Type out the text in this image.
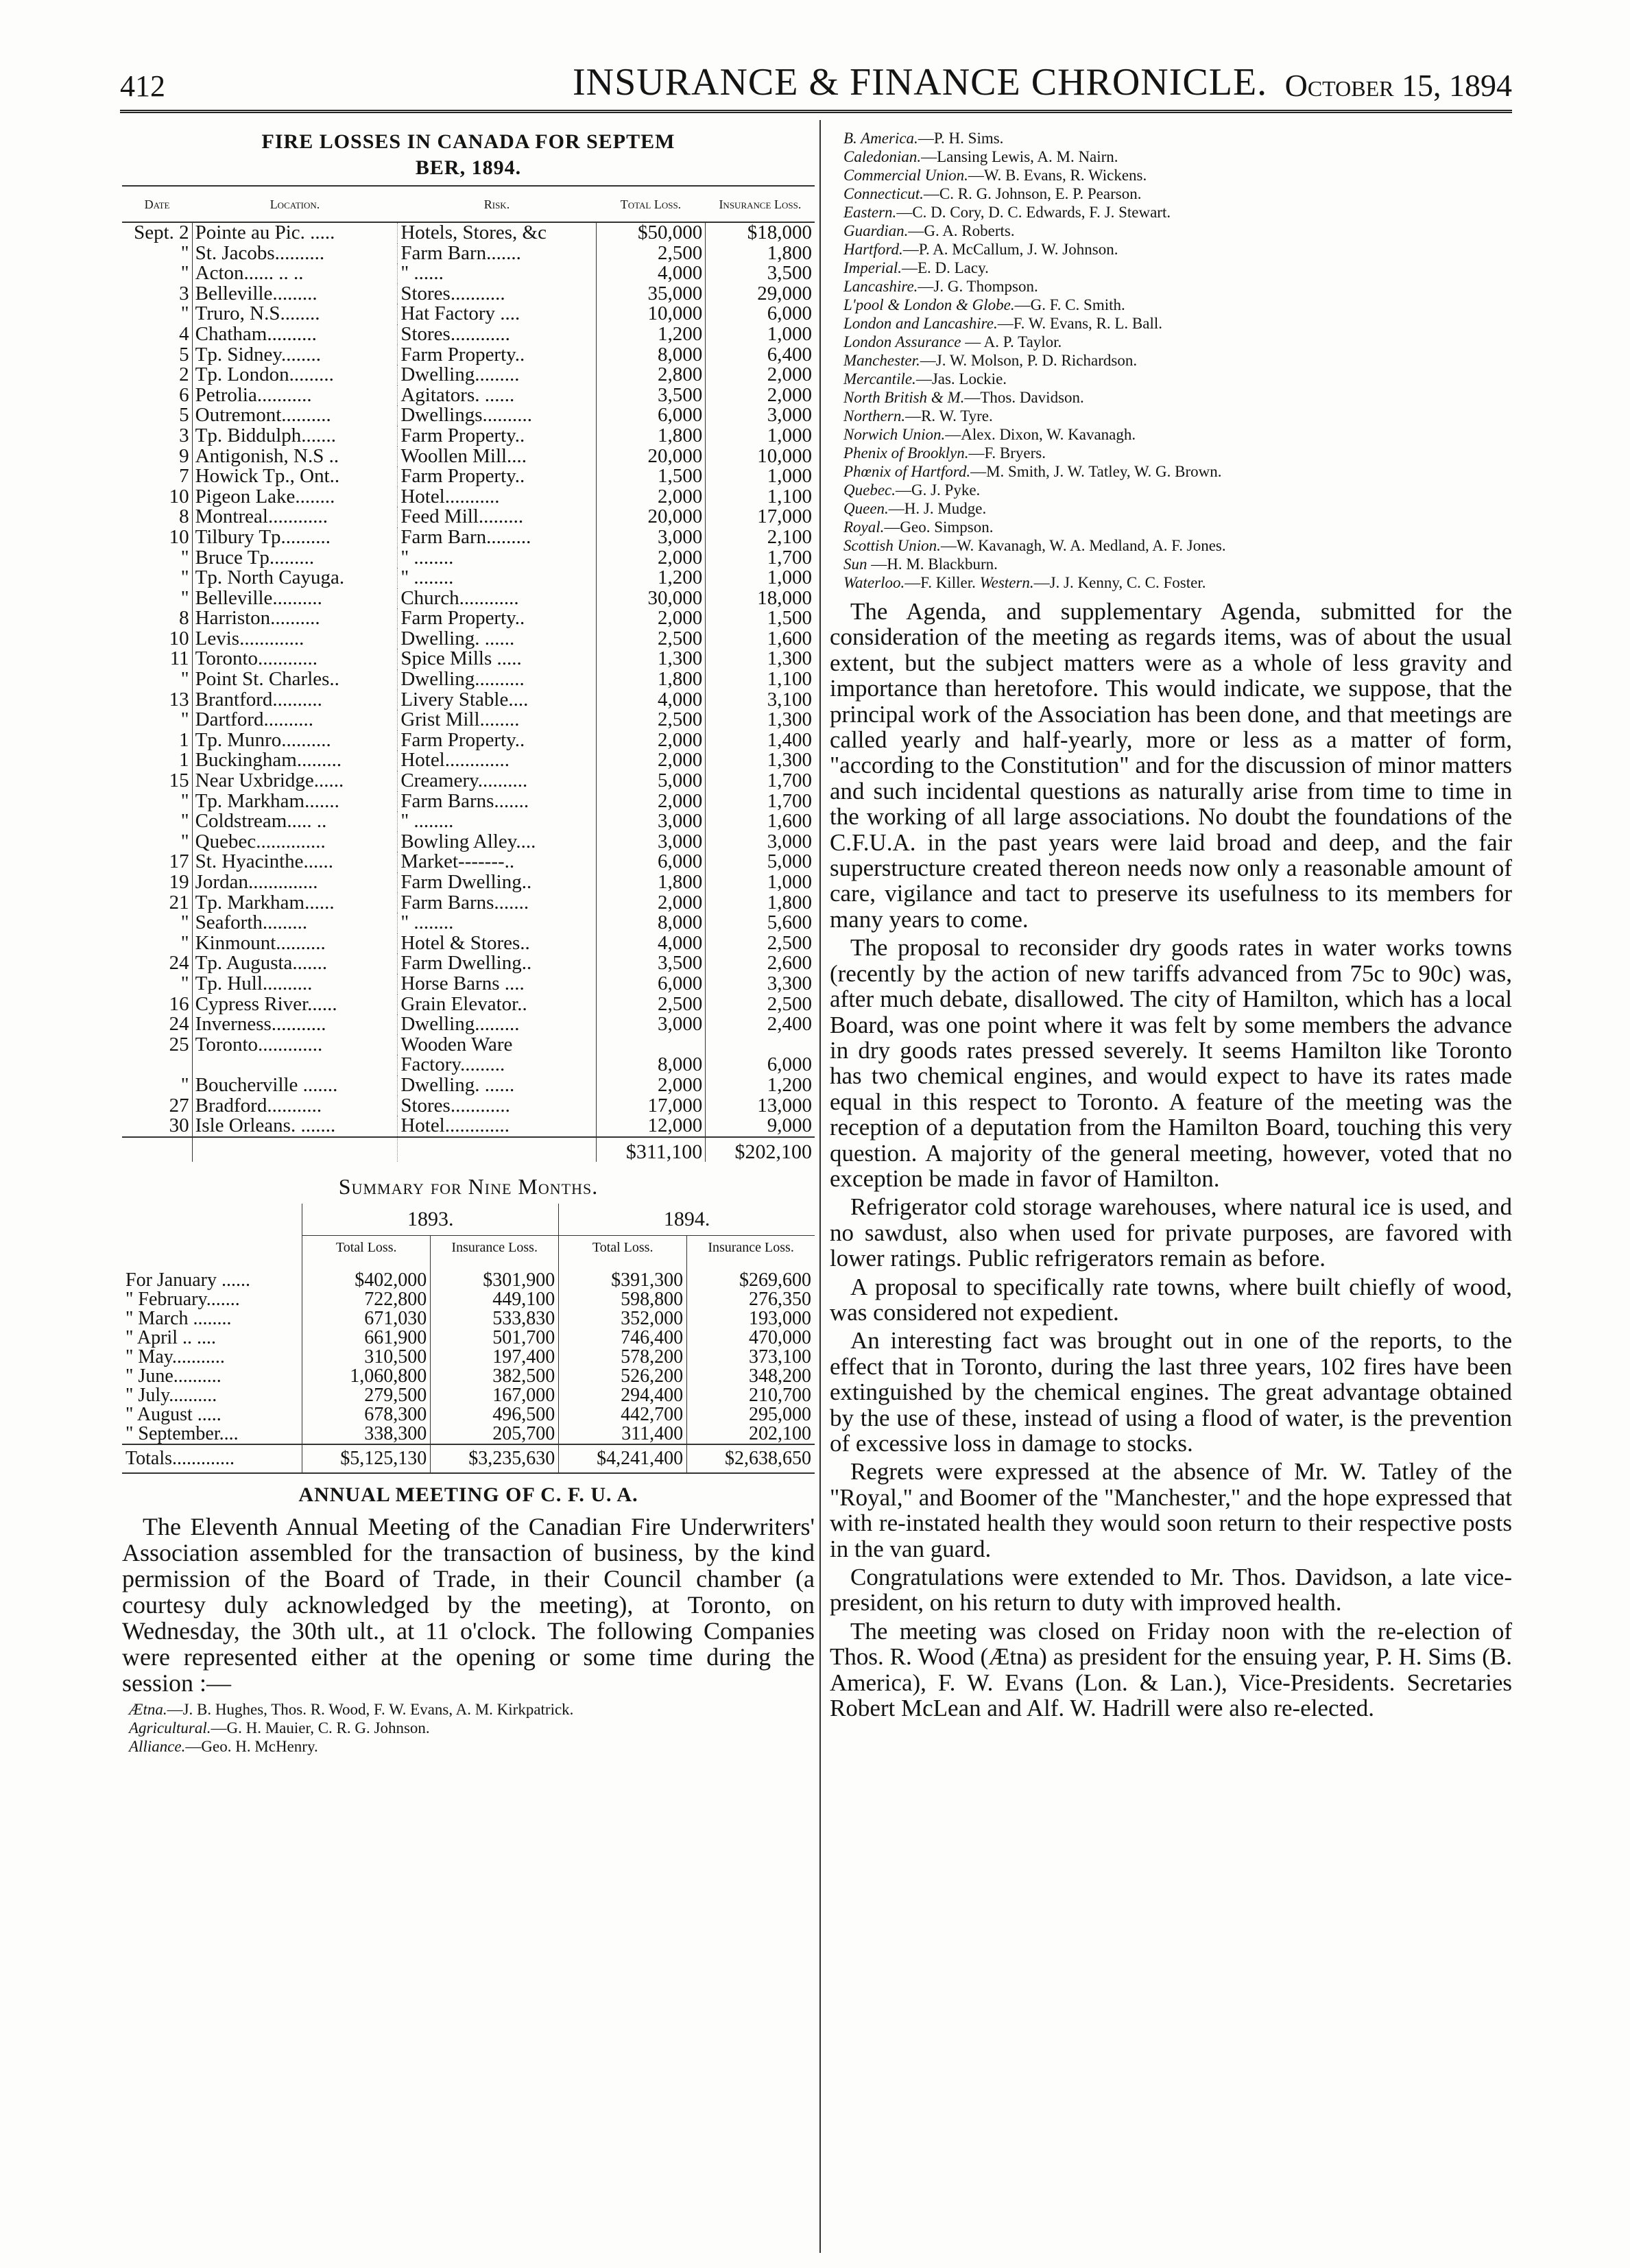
412	INSURANCE & FINANCE CHRONICLE. October 15, 1894
FIRE LOSSES IN CANADA FOR SEPTEM
BER, 1894.
Date	Location.	Risk.	Total Loss.	Insurance Loss.
Sept. 2	Pointe au Pic. .....	Hotels, Stores, &c	$50,000	$18,000
"	St. Jacobs..........	Farm Barn.......	2,500	1,800
"	Acton...... .. ..	" ......	4,000	3,500
3	Belleville.........	Stores...........	35,000	29,000
"	Truro, N.S........	Hat Factory ....	10,000	6,000
4	Chatham..........	Stores............	1,200	1,000
5	Tp. Sidney........	Farm Property..	8,000	6,400
2	Tp. London.........	Dwelling.........	2,800	2,000
6	Petrolia...........	Agitators. ......	3,500	2,000
5	Outremont..........	Dwellings..........	6,000	3,000
3	Tp. Biddulph.......	Farm Property..	1,800	1,000
9	Antigonish, N.S ..	Woollen Mill....	20,000	10,000
7	Howick Tp., Ont..	Farm Property..	1,500	1,000
10	Pigeon Lake........	Hotel...........	2,000	1,100
8	Montreal............	Feed Mill.........	20,000	17,000
10	Tilbury Tp..........	Farm Barn.........	3,000	2,100
"	Bruce Tp.........	" ........	2,000	1,700
"	Tp. North Cayuga.	" ........	1,200	1,000
"	Belleville..........	Church............	30,000	18,000
8	Harriston..........	Farm Property..	2,000	1,500
10	Levis.............	Dwelling. ......	2,500	1,600
11	Toronto............	Spice Mills .....	1,300	1,300
"	Point St. Charles..	Dwelling..........	1,800	1,100
13	Brantford..........	Livery Stable....	4,000	3,100
"	Dartford..........	Grist Mill........	2,500	1,300
1	Tp. Munro..........	Farm Property..	2,000	1,400
1	Buckingham.........	Hotel.............	2,000	1,300
15	Near Uxbridge......	Creamery..........	5,000	1,700
"	Tp. Markham.......	Farm Barns.......	2,000	1,700
"	Coldstream..... ..	" ........	3,000	1,600
"	Quebec..............	Bowling Alley....	3,000	3,000
17	St. Hyacinthe......	Market-------..	6,000	5,000
19	Jordan..............	Farm Dwelling..	1,800	1,000
21	Tp. Markham......	Farm Barns.......	2,000	1,800
"	Seaforth.........	" ........	8,000	5,600
"	Kinmount..........	Hotel & Stores..	4,000	2,500
24	Tp. Augusta.......	Farm Dwelling..	3,500	2,600
"	Tp. Hull..........	Horse Barns ....	6,000	3,300
16	Cypress River......	Grain Elevator..	2,500	2,500
24	Inverness...........	Dwelling.........	3,000	2,400
25	Toronto.............	Wooden Ware		
		Factory.........	8,000	6,000
"	Boucherville .......	Dwelling. ......	2,000	1,200
27	Bradford...........	Stores............	17,000	13,000
30	Isle Orleans. .......	Hotel.............	12,000	9,000
			$311,100	$202,100
Summary for Nine Months.
	1893.		1894.	
	Total Loss.	Insurance Loss.	Total Loss.	Insurance Loss.

For January ......	$402,000	$301,900	$391,300	$269,600
" February.......	722,800	449,100	598,800	276,350
" March ........	671,030	533,830	352,000	193,000
" April .. ....	661,900	501,700	746,400	470,000
" May...........	310,500	197,400	578,200	373,100
" June..........	1,060,800	382,500	526,200	348,200
" July..........	279,500	167,000	294,400	210,700
" August .....	678,300	496,500	442,700	295,000
" September....	338,300	205,700	311,400	202,100
Totals.............	$5,125,130	$3,235,630	$4,241,400	$2,638,650
ANNUAL MEETING OF C. F. U. A.

The Eleventh Annual Meeting of the Canadian Fire Underwriters' Association assembled for the transaction of business, by the kind permission of the Board of Trade, in their Council chamber (a courtesy duly acknowledged by the meeting), at Toronto, on Wednesday, the 30th ult., at 11 o'clock. The following Companies were represented either at the opening or some time during the session :—

Ætna.—J. B. Hughes, Thos. R. Wood, F. W. Evans, A. M. Kirkpatrick.

Agricultural.—G. H. Mauier, C. R. G. Johnson.

Alliance.—Geo. H. McHenry.

B. America.—P. H. Sims.

Caledonian.—Lansing Lewis, A. M. Nairn.

Commercial Union.—W. B. Evans, R. Wickens.

Connecticut.—C. R. G. Johnson, E. P. Pearson.

Eastern.—C. D. Cory, D. C. Edwards, F. J. Stewart.

Guardian.—G. A. Roberts.

Hartford.—P. A. McCallum, J. W. Johnson.

Imperial.—E. D. Lacy.

Lancashire.—J. G. Thompson.

L'pool & London & Globe.—G. F. C. Smith.

London and Lancashire.—F. W. Evans, R. L. Ball.

London Assurance — A. P. Taylor.

Manchester.—J. W. Molson, P. D. Richardson.

Mercantile.—Jas. Lockie.

North British & M.—Thos. Davidson.

Northern.—R. W. Tyre.

Norwich Union.—Alex. Dixon, W. Kavanagh.

Phenix of Brooklyn.—F. Bryers.

Phœnix of Hartford.—M. Smith, J. W. Tatley, W. G. Brown.

Quebec.—G. J. Pyke.

Queen.—H. J. Mudge.

Royal.—Geo. Simpson.

Scottish Union.—W. Kavanagh, W. A. Medland, A. F. Jones.

Sun —H. M. Blackburn.

Waterloo.—F. Killer. Western.—J. J. Kenny, C. C. Foster.

The Agenda, and supplementary Agenda, submitted for the consideration of the meeting as regards items, was of about the usual extent, but the subject matters were as a whole of less gravity and importance than heretofore. This would indicate, we suppose, that the principal work of the Association has been done, and that meetings are called yearly and half-yearly, more or less as a matter of form, "according to the Constitution" and for the discussion of minor matters and such incidental questions as naturally arise from time to time in the working of all large associations. No doubt the foundations of the C.F.U.A. in the past years were laid broad and deep, and the fair superstructure created thereon needs now only a reasonable amount of care, vigilance and tact to preserve its usefulness to its members for many years to come.

The proposal to reconsider dry goods rates in water works towns (recently by the action of new tariffs advanced from 75c to 90c) was, after much debate, disallowed. The city of Hamilton, which has a local Board, was one point where it was felt by some members the advance in dry goods rates pressed severely. It seems Hamilton like Toronto has two chemical engines, and would expect to have its rates made equal in this respect to Toronto. A feature of the meeting was the reception of a deputation from the Hamilton Board, touching this very question. A majority of the general meeting, however, voted that no exception be made in favor of Hamilton.

Refrigerator cold storage warehouses, where natural ice is used, and no sawdust, also when used for private purposes, are favored with lower ratings. Public refrigerators remain as before.

A proposal to specifically rate towns, where built chiefly of wood, was considered not expedient.

An interesting fact was brought out in one of the reports, to the effect that in Toronto, during the last three years, 102 fires have been extinguished by the chemical engines. The great advantage obtained by the use of these, instead of using a flood of water, is the prevention of excessive loss in damage to stocks.

Regrets were expressed at the absence of Mr. W. Tatley of the "Royal," and Boomer of the "Manchester," and the hope expressed that with re-instated health they would soon return to their respective posts in the van guard.

Congratulations were extended to Mr. Thos. Davidson, a late vice-president, on his return to duty with improved health.

The meeting was closed on Friday noon with the re-election of Thos. R. Wood (Ætna) as president for the ensuing year, P. H. Sims (B. America), F. W. Evans (Lon. & Lan.), Vice-Presidents. Secretaries Robert McLean and Alf. W. Hadrill were also re-elected.
